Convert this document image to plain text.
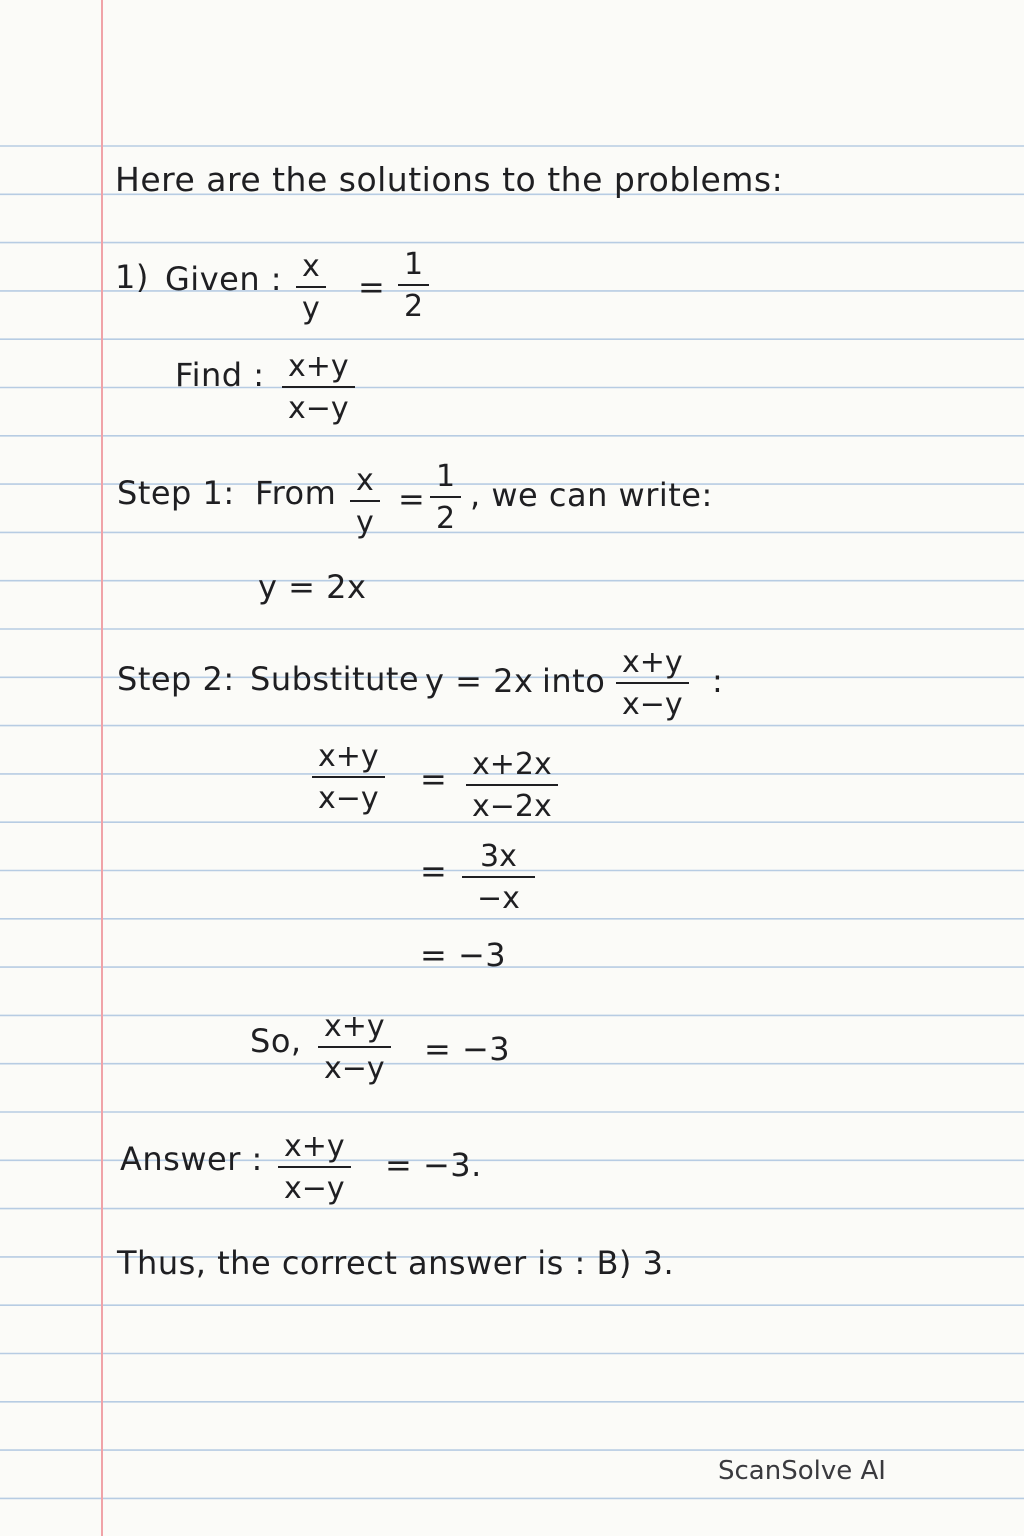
Here are the solutions to the problems:
1) Given : $\frac{x}{y} = \frac{1}{2}$
Find : $\frac{x+y}{x-y}$
Step 1: From $\frac{x}{y} = \frac{1}{2}$ , we can write:
y = 2x
Step 2: Substitute y = 2x into $\frac{x+y}{x-y}$ :
$\frac{x+y}{x-y} = \frac{x+2x}{x-2x}$
= $\frac{3x}{-x}$
= −3
So, $\frac{x+y}{x-y} = -3$
Answer : $\frac{x+y}{x-y} = -3$.
Thus, the correct answer is : B) 3.
ScanSolve AI
